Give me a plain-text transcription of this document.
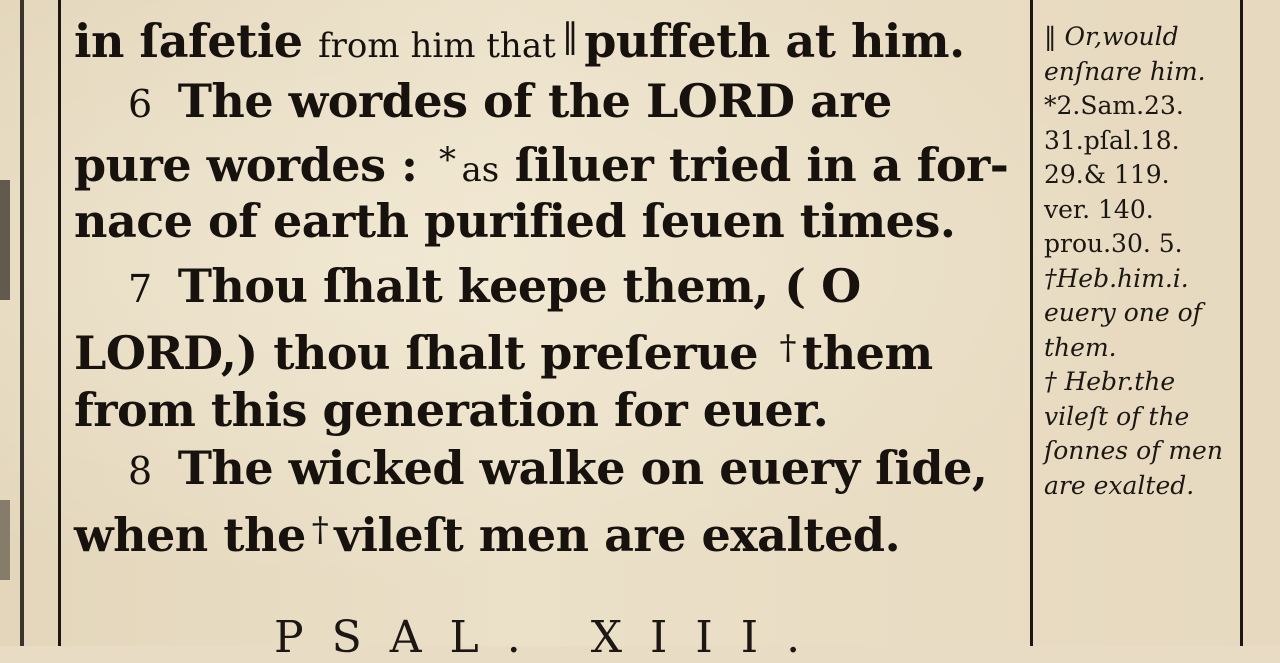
in ſafetie from him that ‖ puffeth at him.
6 The wordes of the LORD are
pure wordes : * as ſiluer tried in a for-
nace of earth purified ſeuen times.
7 Thou ſhalt keepe them, ( O
LORD,) thou ſhalt preſerue † them
from this generation for euer.
8 The wicked walke on euery ſide,
when the † vileſt men are exalted.
PSAL. XIII.
‖ Or,would
enſnare him.
*2.Sam.23.
31.pſal.18.
29.& 119.
ver. 140.
prou.30. 5.
†Heb.him.i.
euery one of
them.
† Hebr.the
vileſt of the
ſonnes of men
are exalted.
